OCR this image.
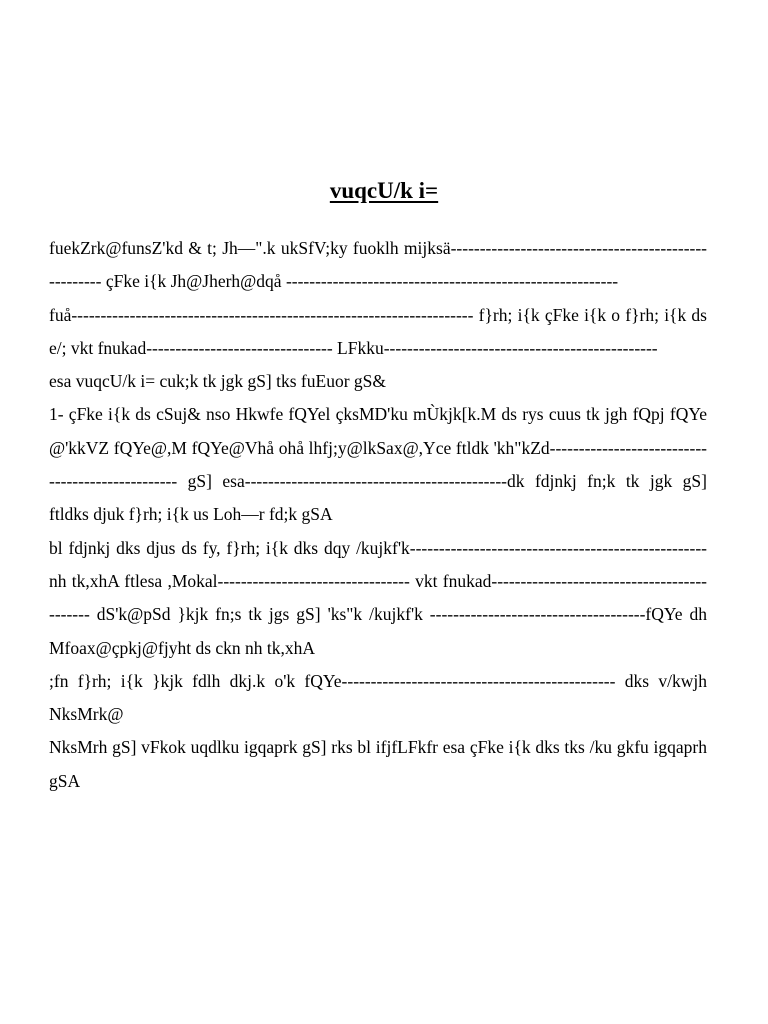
vuqcU/k i=

fuekZrk@funsZ'kd & t; Jh—".k ukSfV;ky fuoklh mijksä----------------------------------------------------- çFke i{k Jh@Jherh@dqå ---------------------------------------------------------

fuå--------------------------------------------------------------------- f}rh; i{k çFke i{k o f}rh; i{k ds e/; vkt fnukad-------------------------------- LFkku-----------------------------------------------

esa vuqcU/k i= cuk;k tk jgk gS] tks fuEuor gS&

1- çFke i{k ds cSuj& nso Hkwfe fQYel çksMD'ku mÙkjk[k.M ds rys cuus tk jgh fQpj fQYe @'kkVZ fQYe@,M fQYe@Vhå ohå lhfj;y@lkSax@,Yce ftldk 'kh"kZd------------------------------------------------- gS] esa---------------------------------------------dk fdjnkj fn;k tk jgk gS] ftldks djuk f}rh; i{k us Loh—r fd;k gSA

bl fdjnkj dks djus ds fy, f}rh; i{k dks dqy /kujkf'k--------------------------------------------------- nh tk,xhA ftlesa ,Mokal--------------------------------- vkt fnukad-------------------------------------------- dS'k@pSd }kjk fn;s tk jgs gS] 'ks"k /kujkf'k -------------------------------------fQYe dh Mfoax@çpkj@fjyht ds ckn nh tk,xhA

;fn f}rh; i{k }kjk fdlh dkj.k o'k fQYe----------------------------------------------- dks v/kwjh NksMrk@

NksMrh gS] vFkok uqdlku igqaprk gS] rks bl ifjfLFkfr esa çFke i{k dks tks /ku gkfu igqaprh gSA
